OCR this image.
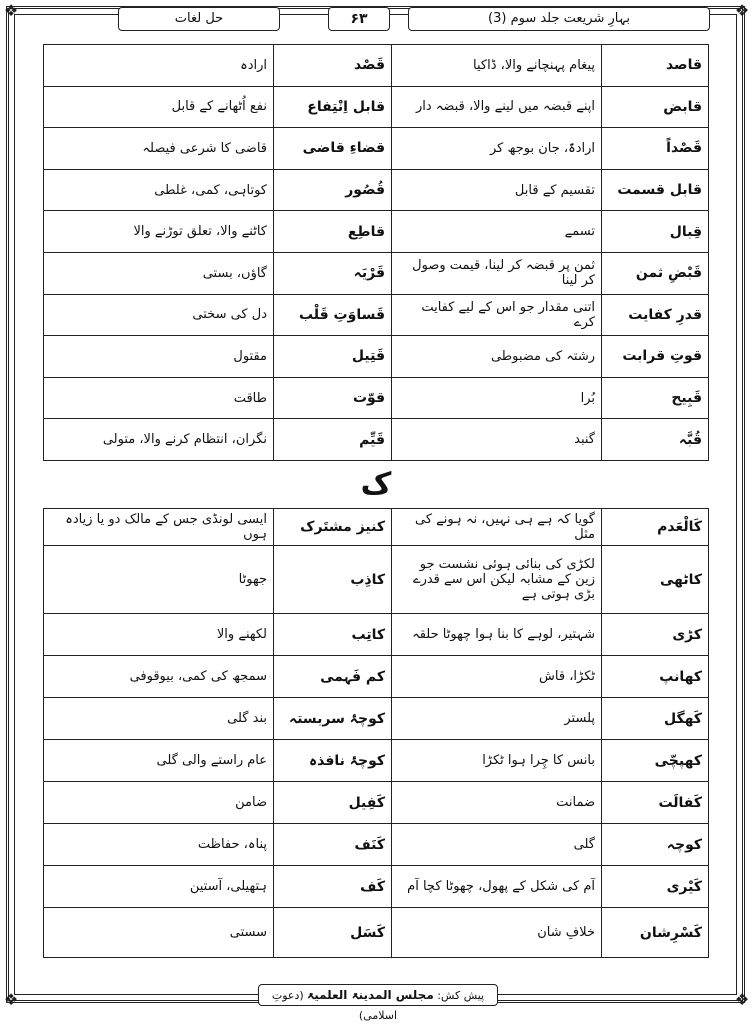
❖	❖
❖	❖
بہارِ شریعت جلد سوم (3)
۶۳
حل لغات
قاصد	پیغام پہنچانے والا، ڈاکیا	قَصْد	ارادہ
قابض	اپنے قبضہ میں لینے والا، قبضہ دار	قابل اِنْتِفاع	نفع اُٹھانے کے قابل
قَصْداً	ارادۃً، جان بوجھ کر	قضاءِ قاضی	قاضی کا شرعی فیصلہ
قابل قسمت	تقسیم کے قابل	قُصُور	کوتاہی، کمی، غلطی
قِبال	تسمے	قاطِع	کاٹنے والا، تعلق توڑنے والا
قَبْضِ ثمن	ثمن پر قبضہ کر لینا، قیمت وصول کر لینا	قَرْیَہ	گاؤں، بستی
قدرِ کفایت	اتنی مقدار جو اس کے لیے کفایت کرے	قَساوَتِ قَلْب	دل کی سختی
قوتِ قرابت	رشتہ کی مضبوطی	قَتِیل	مقتول
قَبِیح	بُرا	قوّت	طاقت
قُبَّہ	گنبد	قَیِّم	نگران، انتظام کرنے والا، متولی
ک
کَالْعَدم	گویا کہ ہے ہی نہیں، نہ ہونے کی مثل	کنیز مشتَرک	ایسی لونڈی جس کے مالک دو یا زیادہ ہوں
کاٹھی	لکڑی کی بنائی ہوئی نشست جو زین کے مشابہ لیکن اس سے قدرے بڑی ہوتی ہے	کاذِب	جھوٹا
کڑی	شہتیر، لوہے کا بنا ہوا چھوٹا حلقہ	کاتِب	لکھنے والا
کھانپ	ٹکڑا، قاش	کم فَہمی	سمجھ کی کمی، بیوقوفی
کَھگل	پلستر	کوچۂ سربستہ	بند گلی
کھپچّی	بانس کا چِرا ہوا ٹکڑا	کوچۂ نافذہ	عام راستے والی گلی
کَفالَت	ضمانت	کَفِیل	ضامن
کوچہ	گلی	کَنَف	پناہ، حفاظت
کَیْری	آم کی شکل کے پھول، چھوٹا کچا آم	کَف	ہتھیلی، آستین
کَسْرِشان	خلافِ شان	کَسَل	سستی
پیش کش: مجلس المدینۃ العلمیۃ (دعوتِ اسلامی)
